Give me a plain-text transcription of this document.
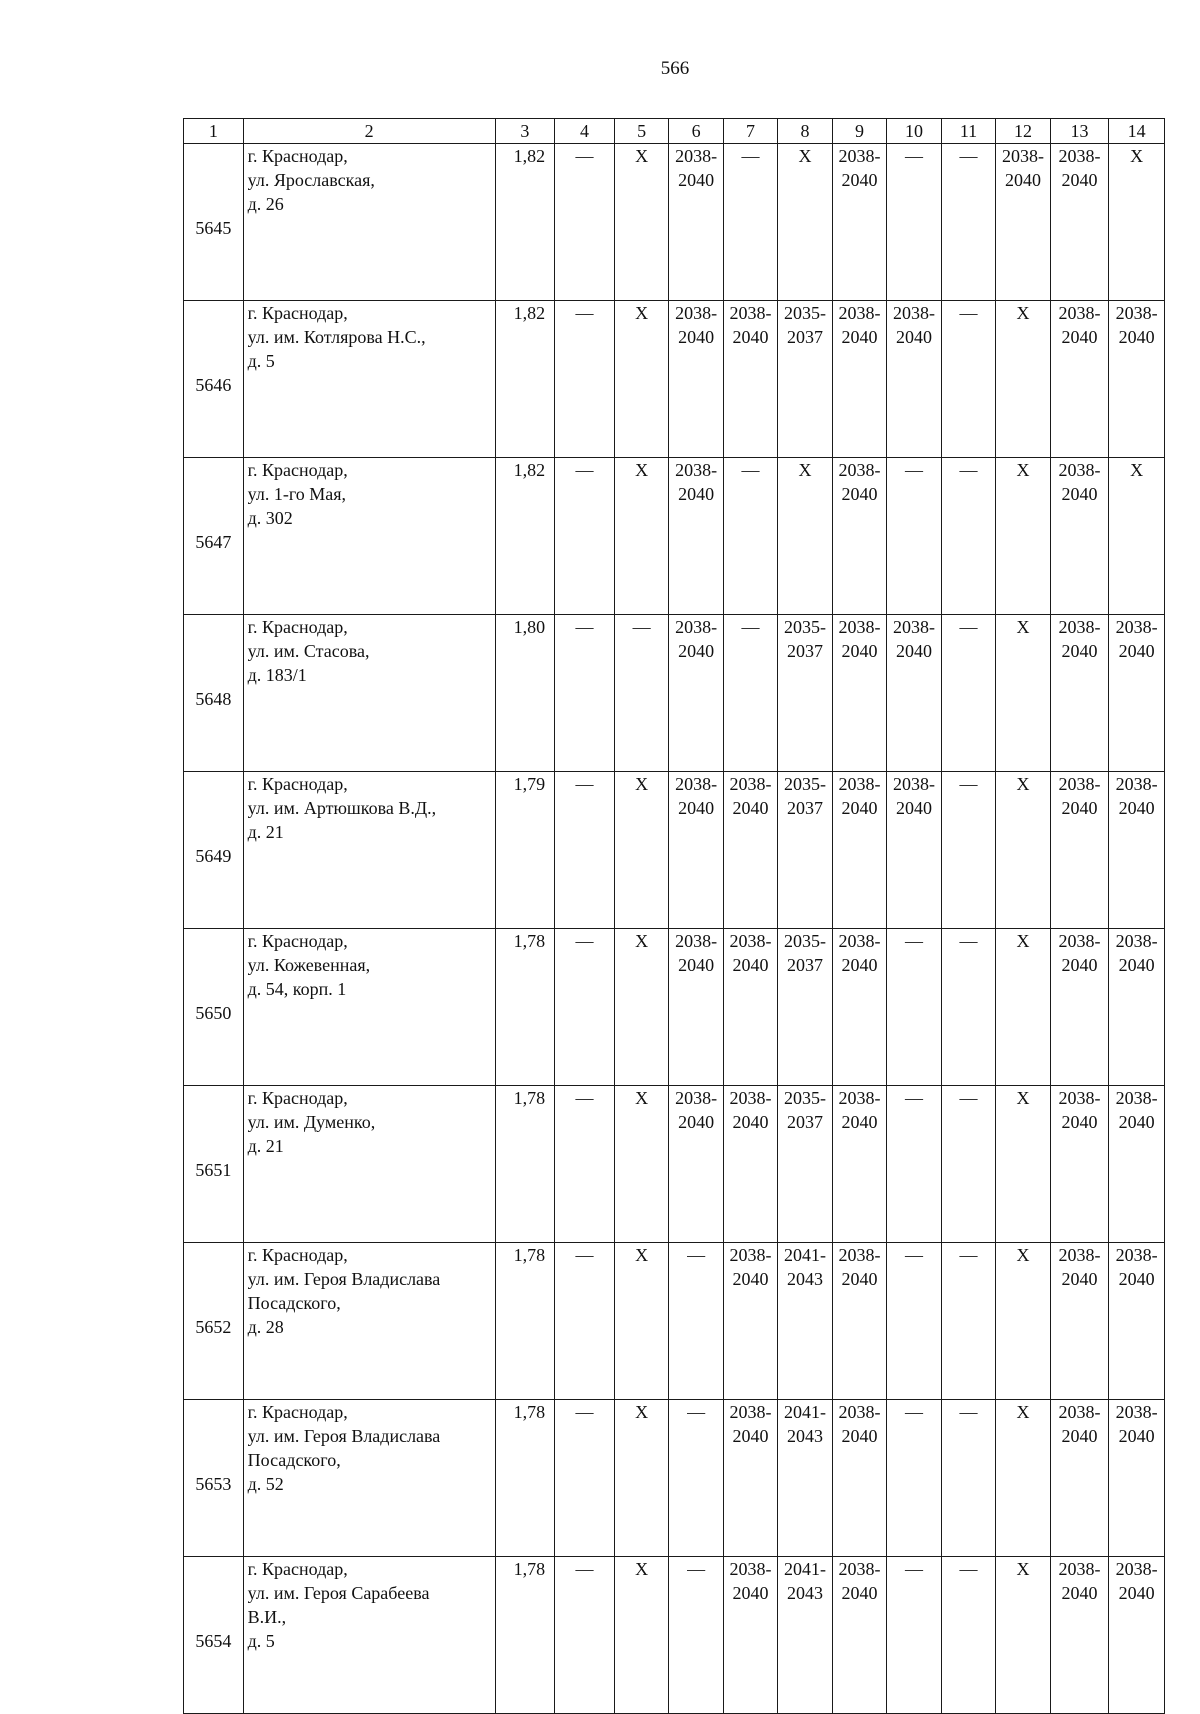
566
1	2	3	4	5	6	7	8	9	10	11	12	13	14
5645	г. Краснодар,
ул. Ярославская,
д. 26	1,82	—	Х	2038- 2040	—	Х	2038- 2040	—	—	2038- 2040	2038- 2040	Х

5646	г. Краснодар,
ул. им. Котлярова Н.С.,
д. 5	1,82	—	Х	2038- 2040	2038- 2040	2035- 2037	2038- 2040	2038- 2040	—	Х	2038- 2040	2038- 2040

5647	г. Краснодар,
ул. 1-го Мая,
д. 302	1,82	—	Х	2038- 2040	—	Х	2038- 2040	—	—	Х	2038- 2040	Х

5648	г. Краснодар,
ул. им. Стасова,
д. 183/1	1,80	—	—	2038- 2040	—	2035- 2037	2038- 2040	2038- 2040	—	Х	2038- 2040	2038- 2040

5649	г. Краснодар,
ул. им. Артюшкова В.Д.,
д. 21	1,79	—	Х	2038- 2040	2038- 2040	2035- 2037	2038- 2040	2038- 2040	—	Х	2038- 2040	2038- 2040

5650	г. Краснодар,
ул. Кожевенная,
д. 54, корп. 1	1,78	—	Х	2038- 2040	2038- 2040	2035- 2037	2038- 2040	—	—	Х	2038- 2040	2038- 2040

5651	г. Краснодар,
ул. им. Думенко,
д. 21	1,78	—	Х	2038- 2040	2038- 2040	2035- 2037	2038- 2040	—	—	Х	2038- 2040	2038- 2040

5652	г. Краснодар,
ул. им. Героя Владислава
Посадского,
д. 28	1,78	—	Х	—	2038- 2040	2041- 2043	2038- 2040	—	—	Х	2038- 2040	2038- 2040

5653	г. Краснодар,
ул. им. Героя Владислава
Посадского,
д. 52	1,78	—	Х	—	2038- 2040	2041- 2043	2038- 2040	—	—	Х	2038- 2040	2038- 2040

5654	г. Краснодар,
ул. им. Героя Сарабеева
В.И.,
д. 5	1,78	—	Х	—	2038- 2040	2041- 2043	2038- 2040	—	—	Х	2038- 2040	2038- 2040
